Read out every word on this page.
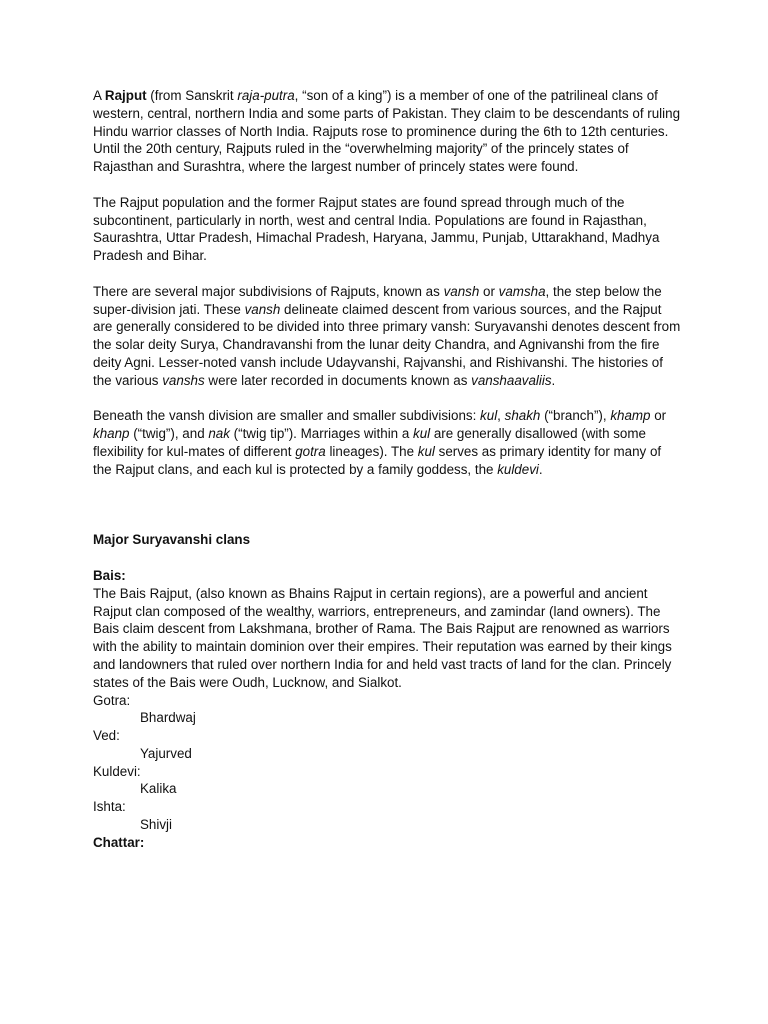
A Rajput (from Sanskrit raja-putra, “son of a king”) is a member of one of the patrilineal clans of western, central, northern India and some parts of Pakistan. They claim to be descendants of ruling Hindu warrior classes of North India. Rajputs rose to prominence during the 6th to 12th centuries. Until the 20th century, Rajputs ruled in the “overwhelming majority” of the princely states of Rajasthan and Surashtra, where the largest number of princely states were found.

The Rajput population and the former Rajput states are found spread through much of the subcontinent, particularly in north, west and central India. Populations are found in Rajasthan, Saurashtra, Uttar Pradesh, Himachal Pradesh, Haryana, Jammu, Punjab, Uttarakhand, Madhya Pradesh and Bihar.

There are several major subdivisions of Rajputs, known as vansh or vamsha, the step below the super-division jati. These vansh delineate claimed descent from various sources, and the Rajput are generally considered to be divided into three primary vansh: Suryavanshi denotes descent from the solar deity Surya, Chandravanshi from the lunar deity Chandra, and Agnivanshi from the fire deity Agni. Lesser-noted vansh include Udayvanshi, Rajvanshi, and Rishivanshi. The histories of the various vanshs were later recorded in documents known as vanshaavaliis.

Beneath the vansh division are smaller and smaller subdivisions: kul, shakh (“branch”), khamp or khanp (“twig”), and nak (“twig tip”). Marriages within a kul are generally disallowed (with some flexibility for kul-mates of different gotra lineages). The kul serves as primary identity for many of the Rajput clans, and each kul is protected by a family goddess, the kuldevi.

Major Suryavanshi clans

Bais:

The Bais Rajput, (also known as Bhains Rajput in certain regions), are a powerful and ancient Rajput clan composed of the wealthy, warriors, entrepreneurs, and zamindar (land owners). The Bais claim descent from Lakshmana, brother of Rama. The Bais Rajput are renowned as warriors with the ability to maintain dominion over their empires. Their reputation was earned by their kings and landowners that ruled over northern India for and held vast tracts of land for the clan. Princely states of the Bais were Oudh, Lucknow, and Sialkot.

Gotra:

Bhardwaj

Ved:

Yajurved

Kuldevi:

Kalika

Ishta:

Shivji

Chattar:
